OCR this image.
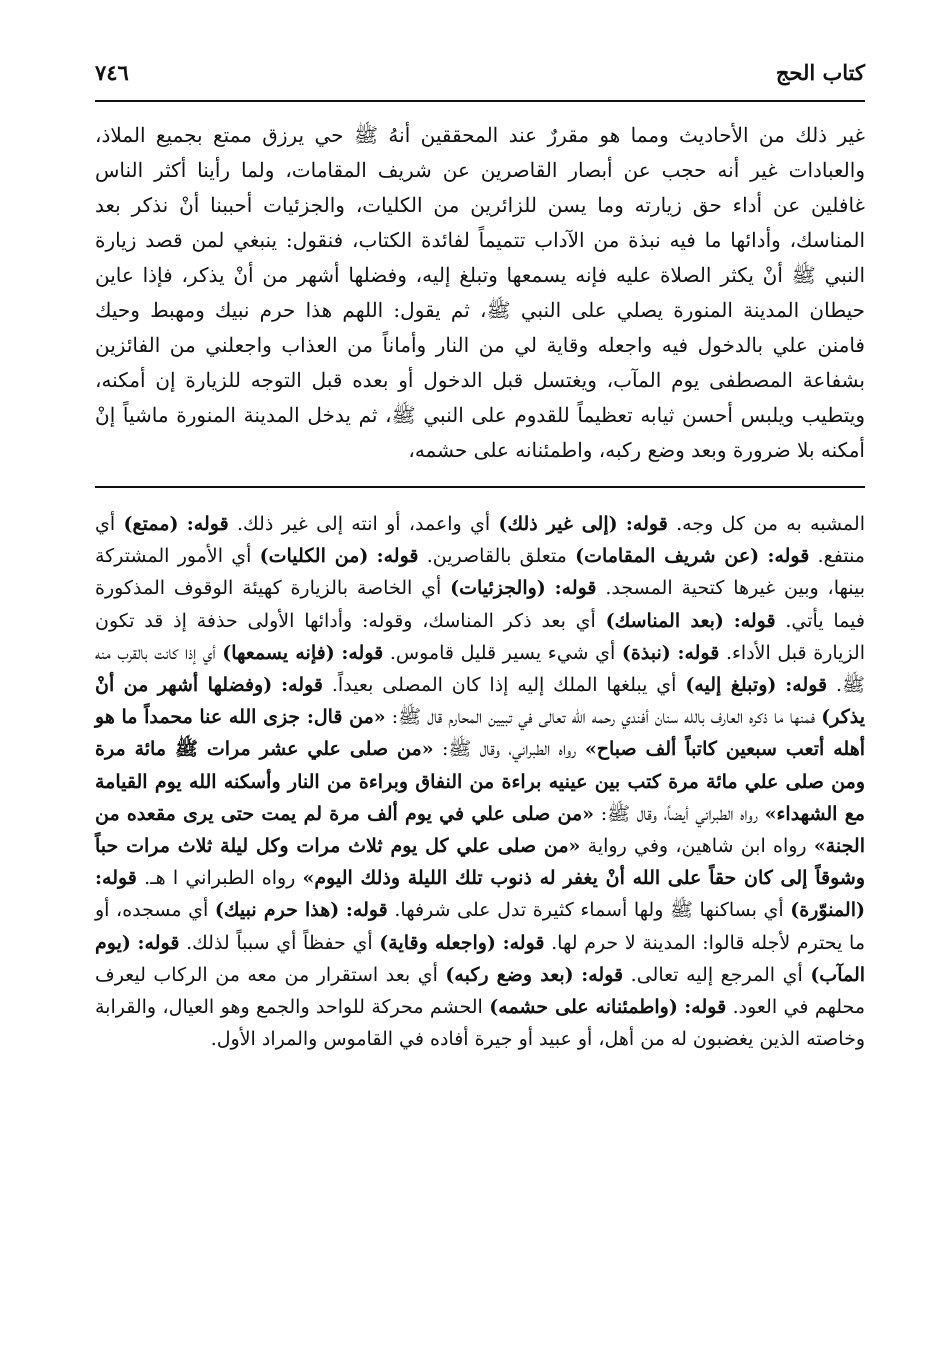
كتاب الحج
٧٤٦
غير ذلك من الأحاديث ومما هو مقررٌ عند المحققين أنهُ ﷺ حي يرزق ممتع بجميع الملاذ، والعبادات غير أنه حجب عن أبصار القاصرين عن شريف المقامات، ولما رأينا أكثر الناس غافلين عن أداء حق زيارته وما يسن للزائرين من الكليات، والجزئيات أحببنا أنْ نذكر بعد المناسك، وأدائها ما فيه نبذة من الآداب تتميماً لفائدة الكتاب، فنقول: ينبغي لمن قصد زيارة النبي ﷺ أنْ يكثر الصلاة عليه فإنه يسمعها وتبلغ إليه، وفضلها أشهر من أنْ يذكر، فإذا عاين حيطان المدينة المنورة يصلي على النبي ﷺ، ثم يقول: اللهم هذا حرم نبيك ومهبط وحيك فامنن علي بالدخول فيه واجعله وقاية لي من النار وأماناً من العذاب واجعلني من الفائزين بشفاعة المصطفى يوم المآب، ويغتسل قبل الدخول أو بعده قبل التوجه للزيارة إن أمكنه، ويتطيب ويلبس أحسن ثيابه تعظيماً للقدوم على النبي ﷺ، ثم يدخل المدينة المنورة ماشياً إنْ أمكنه بلا ضرورة وبعد وضع ركبه، واطمئنانه على حشمه،

المشبه به من كل وجه. قوله: (إلى غير ذلك) أي واعمد، أو انته إلى غير ذلك. قوله: (ممتع) أي منتفع. قوله: (عن شريف المقامات) متعلق بالقاصرين. قوله: (من الكليات) أي الأمور المشتركة بينها، وبين غيرها كتحية المسجد. قوله: (والجزئيات) أي الخاصة بالزيارة كهيئة الوقوف المذكورة فيما يأتي. قوله: (بعد المناسك) أي بعد ذكر المناسك، وقوله: وأدائها الأولى حذفة إذ قد تكون الزيارة قبل الأداء. قوله: (نبذة) أي شيء يسير قليل قاموس. قوله: (فإنه يسمعها) أي إذا كانت بالقرب منه ﷺ. قوله: (وتبلغ إليه) أي يبلغها الملك إليه إذا كان المصلى بعيداً. قوله: (وفضلها أشهر من أنْ يذكر) فمنها ما ذكره العارف بالله سنان أفندي رحمه الله تعالى في تبيين المحارم قال ﷺ: «من قال: جزى الله عنا محمداً ما هو أهله أتعب سبعين كاتباً ألف صباح» رواه الطبراني، وقال ﷺ: «من صلى علي عشر مرات ﷺ مائة مرة ومن صلى علي مائة مرة كتب بين عينيه براءة من النفاق وبراءة من النار وأسكنه الله يوم القيامة مع الشهداء» رواه الطبراني أيضاً، وقال ﷺ: «من صلى علي في يوم ألف مرة لم يمت حتى يرى مقعده من الجنة» رواه ابن شاهين، وفي رواية «من صلى علي كل يوم ثلاث مرات وكل ليلة ثلاث مرات حباً وشوقاً إلى كان حقاً على الله أنْ يغفر له ذنوب تلك الليلة وذلك اليوم» رواه الطبراني ا هـ. قوله: (المنوّرة) أي بساكنها ﷺ ولها أسماء كثيرة تدل على شرفها. قوله: (هذا حرم نبيك) أي مسجده، أو ما يحترم لأجله قالوا: المدينة لا حرم لها. قوله: (واجعله وقاية) أي حفظاً أي سبباً لذلك. قوله: (يوم المآب) أي المرجع إليه تعالى. قوله: (بعد وضع ركبه) أي بعد استقرار من معه من الركاب ليعرف محلهم في العود. قوله: (واطمئنانه على حشمه) الحشم محركة للواحد والجمع وهو العيال، والقرابة وخاصته الذين يغضبون له من أهل، أو عبيد أو جيرة أفاده في القاموس والمراد الأول.
